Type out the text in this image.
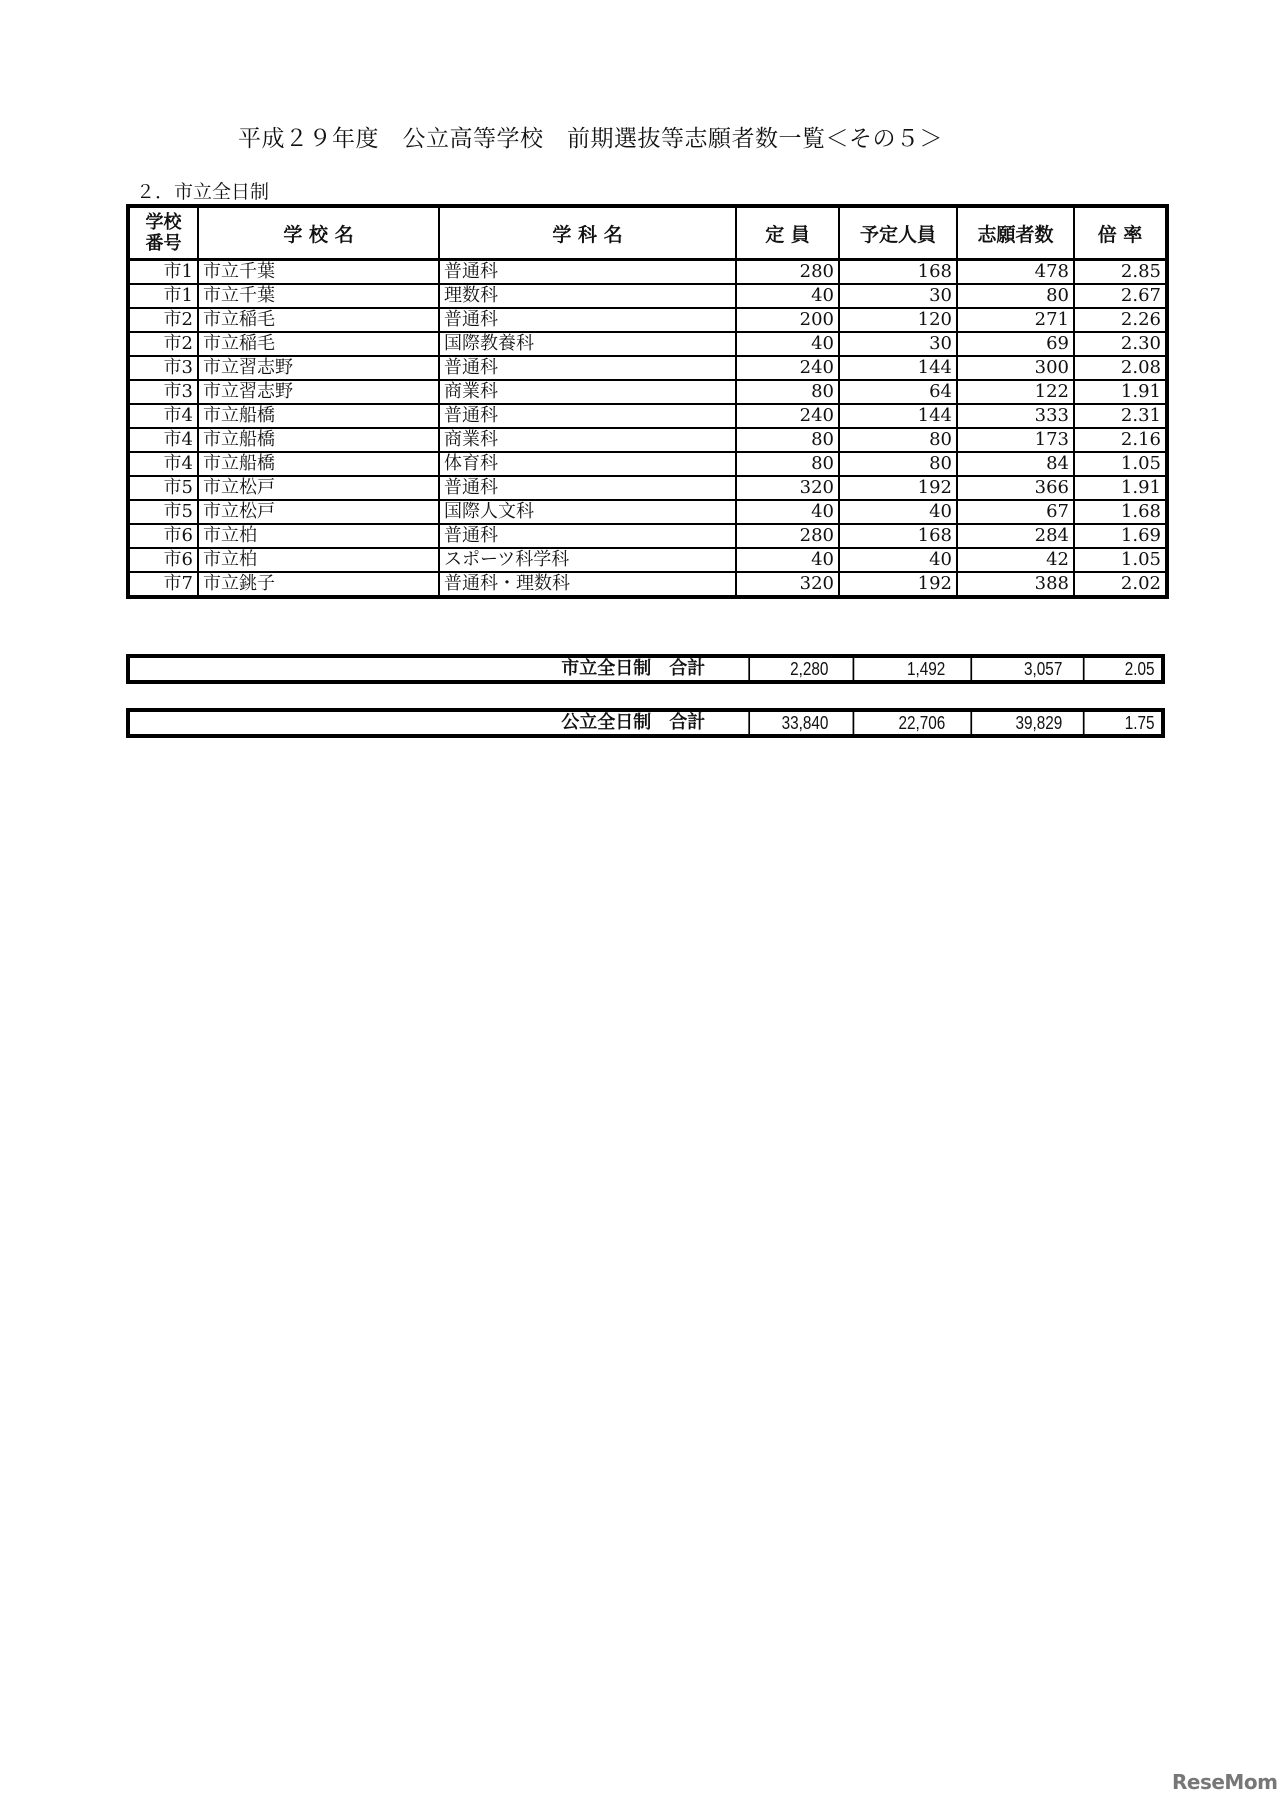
平成２９年度　公立高等学校　前期選抜等志願者数一覧＜その５＞
２．市立全日制
学校
番号	学 校 名	学 科 名	定 員	予定人員	志願者数	倍 率
市1	市立千葉	普通科	280	168	478	2.85
市1	市立千葉	理数科	40	30	80	2.67
市2	市立稲毛	普通科	200	120	271	2.26
市2	市立稲毛	国際教養科	40	30	69	2.30
市3	市立習志野	普通科	240	144	300	2.08
市3	市立習志野	商業科	80	64	122	1.91
市4	市立船橋	普通科	240	144	333	2.31
市4	市立船橋	商業科	80	80	173	2.16
市4	市立船橋	体育科	80	80	84	1.05
市5	市立松戸	普通科	320	192	366	1.91
市5	市立松戸	国際人文科	40	40	67	1.68
市6	市立柏	普通科	280	168	284	1.69
市6	市立柏	スポーツ科学科	40	40	42	1.05
市7	市立銚子	普通科・理数科	320	192	388	2.02
市立全日制　合計	2,280	1,492	3,057	2.05
公立全日制　合計	33,840	22,706	39,829	1.75
ReseMom
